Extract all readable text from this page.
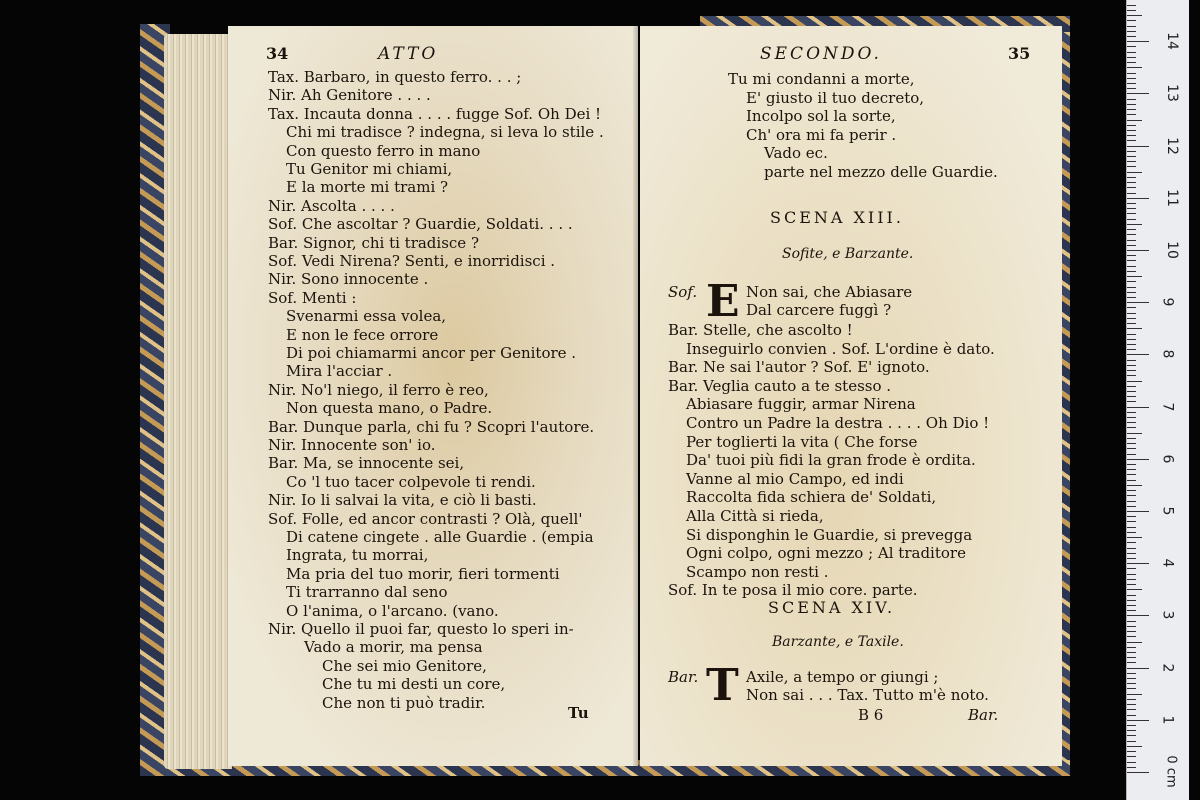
34	ATTO
Tax. Barbaro, in questo ferro. . . ;
Nir. Ah Genitore . . . .
Tax. Incauta donna . . . . fugge Sof. Oh Dei !
Chi mi tradisce ? indegna, si leva lo stile .
Con questo ferro in mano
Tu Genitor mi chiami,
E la morte mi trami ?
Nir. Ascolta . . . .
Sof. Che ascoltar ? Guardie, Soldati. . . .
Bar. Signor, chi ti tradisce ?
Sof. Vedi Nirena? Senti, e inorridisci .
Nir. Sono innocente .
Sof. Menti :
Svenarmi essa volea,
E non le fece orrore
Di poi chiamarmi ancor per Genitore .
Mira l'acciar .
Nir. No'l niego, il ferro è reo,
Non questa mano, o Padre.
Bar. Dunque parla, chi fu ? Scopri l'autore.
Nir. Innocente son' io.
Bar. Ma, se innocente sei,
Co 'l tuo tacer colpevole ti rendi.
Nir. Io li salvai la vita, e ciò li basti.
Sof. Folle, ed ancor contrasti ? Olà, quell'
Di catene cingete . alle Guardie . (empia
Ingrata, tu morrai,
Ma pria del tuo morir, fieri tormenti
Ti trarranno dal seno
O l'anima, o l'arcano. (vano.
Nir. Quello il puoi far, questo lo speri in-
Vado a morir, ma pensa
Che sei mio Genitore,
Che tu mi desti un core,
Che non ti può tradir.
Tu
SECONDO.	35
Tu mi condanni a morte,
E' giusto il tuo decreto,
Incolpo sol la sorte,
Ch' ora mi fa perir .
Vado ec.
parte nel mezzo delle Guardie.
SCENA XIII.
Sofite, e Barzante.
Sof. E Non sai, che Abiasare
Dal carcere fuggì ?
Bar. Stelle, che ascolto !
Inseguirlo convien . Sof. L'ordine è dato.
Bar. Ne sai l'autor ? Sof. E' ignoto.
Bar. Veglia cauto a te stesso .
Abiasare fuggir, armar Nirena
Contro un Padre la destra . . . . Oh Dio !
Per toglierti la vita ( Che forse
Da' tuoi più fidi la gran frode è ordita.
Vanne al mio Campo, ed indi
Raccolta fida schiera de' Soldati,
Alla Città si rieda,
Si disponghin le Guardie, si prevegga
Ogni colpo, ogni mezzo ; Al traditore
Scampo non resti .
Sof. In te posa il mio core. parte.
SCENA XIV.
Barzante, e Taxile.
Bar. T Axile, a tempo or giungi ;
Non sai . . . Tax. Tutto m'è noto.
B 6	Bar.	1
2
3
4
5
6
7
8
9
10
11
12
13
14
0 cm
